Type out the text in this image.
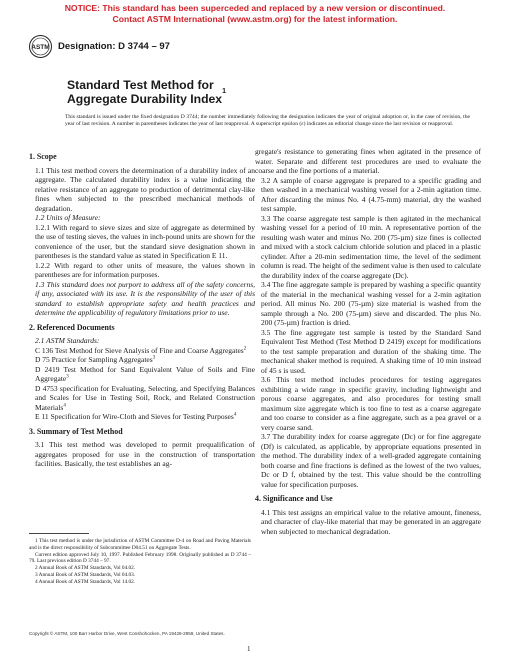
NOTICE: This standard has been superceded and replaced by a new version or discontinued.
Contact ASTM International (www.astm.org) for the latest information.
ASTM Designation: D 3744 – 97
Standard Test Method for
Aggregate Durability Index$^1$
This standard is issued under the fixed designation D 3744; the number immediately following the designation indicates the year of original adoption or, in the case of revision, the year of last revision. A number in parentheses indicates the year of last reapproval. A superscript epsilon (ε) indicates an editorial change since the last revision or reapproval.

1. Scope

1.1 This test method covers the determination of a durability index of an aggregate. The calculated durability index is a value indicating the relative resistance of an aggregate to production of detrimental clay-like fines when subjected to the prescribed mechanical methods of degradation.

1.2 Units of Measure:

1.2.1 With regard to sieve sizes and size of aggregate as determined by the use of testing sieves, the values in inch-pound units are shown for the convenience of the user, but the standard sieve designation shown in parentheses is the standard value as stated in Specification E 11.

1.2.2 With regard to other units of measure, the values shown in parentheses are for information purposes.

1.3 This standard does not purport to address all of the safety concerns, if any, associated with its use. It is the responsibility of the user of this standard to establish appropriate safety and health practices and determine the applicability of regulatory limitations prior to use.

2. Referenced Documents

2.1 ASTM Standards:

C 136 Test Method for Sieve Analysis of Fine and Coarse Aggregates$^2$

D 75 Practice for Sampling Aggregates$^3$

D 2419 Test Method for Sand Equivalent Value of Soils and Fine Aggregate$^3$

D 4753 specification for Evaluating, Selecting, and Specifying Balances and Scales for Use in Testing Soil, Rock, and Related Construction Materials$^4$

E 11 Specification for Wire-Cloth and Sieves for Testing Purposes$^4$

3. Summary of Test Method

3.1 This test method was developed to permit prequalification of aggregates proposed for use in the construction of transportation facilities. Basically, the test establishes an ag-

gregate's resistance to generating fines when agitated in the presence of water. Separate and different test procedures are used to evaluate the coarse and the fine portions of a material.

3.2 A sample of coarse aggregate is prepared to a specific grading and then washed in a mechanical washing vessel for a 2-min agitation time. After discarding the minus No. 4 (4.75-mm) material, dry the washed test sample.

3.3 The coarse aggregate test sample is then agitated in the mechanical washing vessel for a period of 10 min. A representative portion of the resulting wash water and minus No. 200 (75-µm) size fines is collected and mixed with a stock calcium chloride solution and placed in a plastic cylinder. After a 20-min sedimentation time, the level of the sediment column is read. The height of the sediment value is then used to calculate the durability index of the coarse aggregate (Dc).

3.4 The fine aggregate sample is prepared by washing a specific quantity of the material in the mechanical washing vessel for a 2-min agitation period. All minus No. 200 (75-µm) size material is washed from the sample through a No. 200 (75-µm) sieve and discarded. The plus No. 200 (75-µm) fraction is dried.

3.5 The fine aggregate test sample is tested by the Standard Sand Equivalent Test Method (Test Method D 2419) except for modifications to the test sample preparation and duration of the shaking time. The mechanical shaker method is required. A shaking time of 10 min instead of 45 s is used.

3.6 This test method includes procedures for testing aggregates exhibiting a wide range in specific gravity, including lightweight and porous coarse aggregates, and also procedures for testing small maximum size aggregate which is too fine to test as a coarse aggregate and too coarse to consider as a fine aggregate, such as a pea gravel or a very coarse sand.

3.7 The durability index for coarse aggregate (Dc) or for fine aggregate (Df) is calculated, as applicable, by appropriate equations presented in the method. The durability index of a well-graded aggregate containing both coarse and fine fractions is defined as the lowest of the two values, Dc or D f, obtained by the test. This value should be the controlling value for specification purposes.

4. Significance and Use

4.1 This test assigns an empirical value to the relative amount, fineness, and character of clay-like material that may be generated in an aggregate when subjected to mechanical degradation.

1 This test method is under the jurisdiction of ASTM Committee D-4 on Road and Paving Materials and is the direct responsibility of Subcommittee D04.51 on Aggregate Tests.

Current edition approved July 10, 1997. Published February 1998. Originally published as D 3744 – 79. Last previous edition D 3744 – 97.

2 Annual Book of ASTM Standards, Vol 04.02.

3 Annual Book of ASTM Standards, Vol 04.03.

4 Annual Book of ASTM Standards, Vol 14.02.

Copyright © ASTM, 100 Barr Harbor Drive, West Conshohocken, PA 19428-2959, United States.
1
